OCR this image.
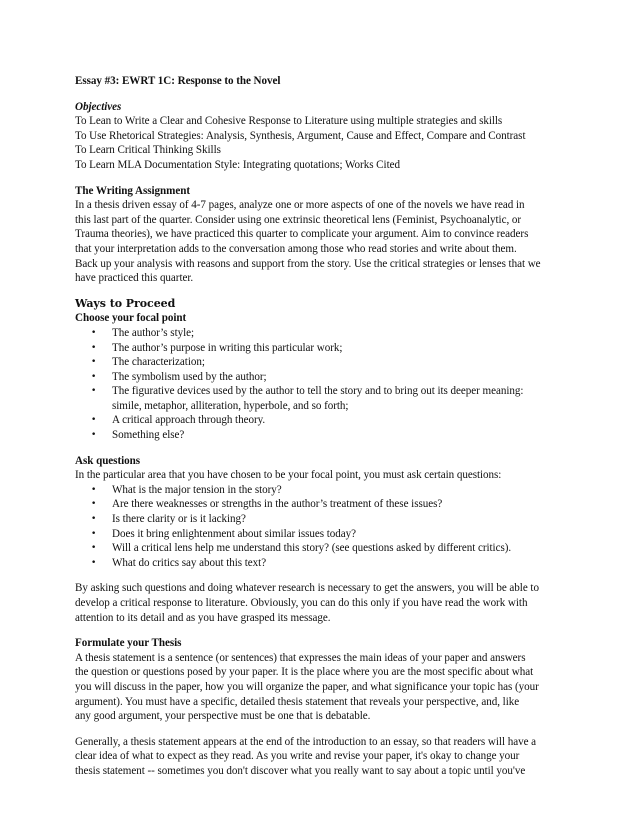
Essay #3: EWRT 1C: Response to the Novel
Objectives
To Lean to Write a Clear and Cohesive Response to Literature using multiple strategies and skills
To Use Rhetorical Strategies: Analysis, Synthesis, Argument, Cause and Effect, Compare and Contrast
To Learn Critical Thinking Skills
To Learn MLA Documentation Style: Integrating quotations; Works Cited
The Writing Assignment
In a thesis driven essay of 4-7 pages, analyze one or more aspects of one of the novels we have read in
this last part of the quarter. Consider using one extrinsic theoretical lens (Feminist, Psychoanalytic, or
Trauma theories), we have practiced this quarter to complicate your argument. Aim to convince readers
that your interpretation adds to the conversation among those who read stories and write about them.
Back up your analysis with reasons and support from the story. Use the critical strategies or lenses that we
have practiced this quarter.
Ways to Proceed
Choose your focal point
• The author’s style;
• The author’s purpose in writing this particular work;
• The characterization;
• The symbolism used by the author;
• The figurative devices used by the author to tell the story and to bring out its deeper meaning:
simile, metaphor, alliteration, hyperbole, and so forth;
• A critical approach through theory.
• Something else?
Ask questions
In the particular area that you have chosen to be your focal point, you must ask certain questions:
• What is the major tension in the story?
• Are there weaknesses or strengths in the author’s treatment of these issues?
• Is there clarity or is it lacking?
• Does it bring enlightenment about similar issues today?
• Will a critical lens help me understand this story? (see questions asked by different critics).
• What do critics say about this text?
By asking such questions and doing whatever research is necessary to get the answers, you will be able to
develop a critical response to literature. Obviously, you can do this only if you have read the work with
attention to its detail and as you have grasped its message.
Formulate your Thesis
A thesis statement is a sentence (or sentences) that expresses the main ideas of your paper and answers
the question or questions posed by your paper. It is the place where you are the most specific about what
you will discuss in the paper, how you will organize the paper, and what significance your topic has (your
argument). You must have a specific, detailed thesis statement that reveals your perspective, and, like
any good argument, your perspective must be one that is debatable.
Generally, a thesis statement appears at the end of the introduction to an essay, so that readers will have a
clear idea of what to expect as they read. As you write and revise your paper, it's okay to change your
thesis statement -- sometimes you don't discover what you really want to say about a topic until you've
